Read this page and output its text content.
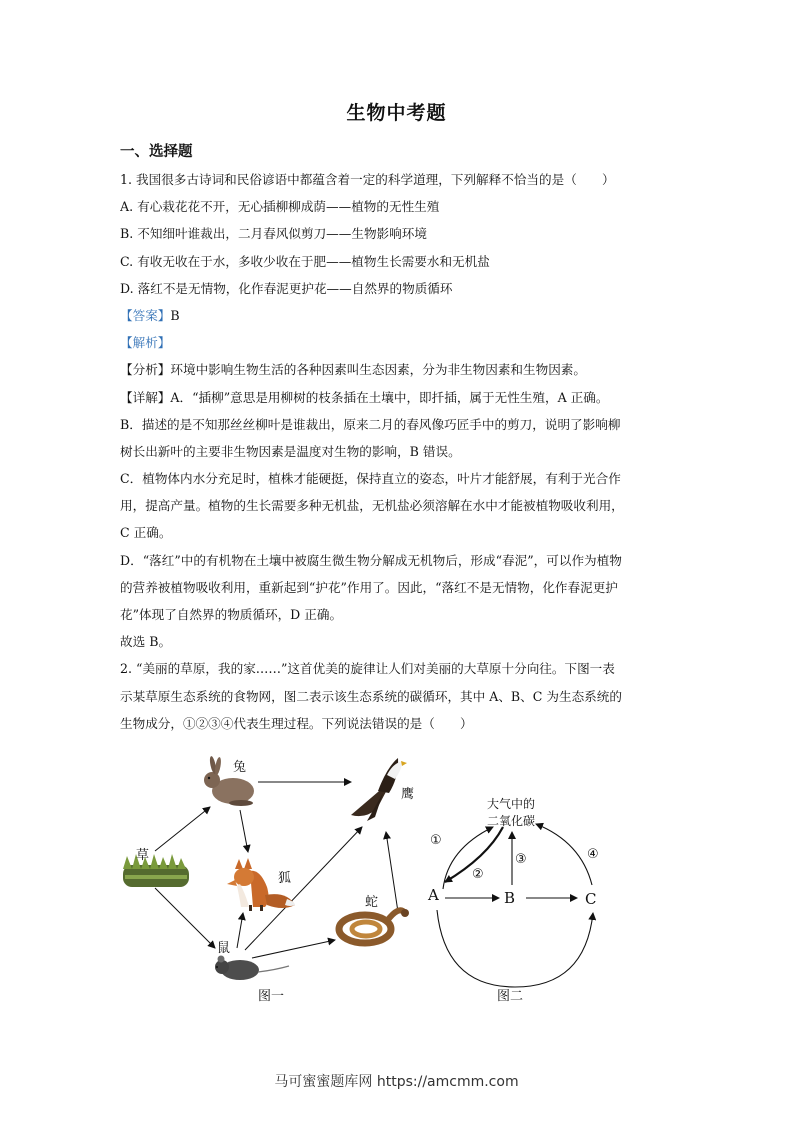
生物中考题
一、选择题
1. 我国很多古诗词和民俗谚语中都蕴含着一定的科学道理，下列解释不恰当的是（　　）
A. 有心栽花花不开，无心插柳柳成荫——植物的无性生殖
B. 不知细叶谁裁出，二月春风似剪刀——生物影响环境
C. 有收无收在于水，多收少收在于肥——植物生长需要水和无机盐
D. 落红不是无情物，化作春泥更护花——自然界的物质循环
【答案】B
【解析】
【分析】环境中影响生物生活的各种因素叫生态因素，分为非生物因素和生物因素。
【详解】A．“插柳”意思是用柳树的枝条插在土壤中，即扦插，属于无性生殖，A 正确。
B．描述的是不知那丝丝柳叶是谁裁出，原来二月的春风像巧匠手中的剪刀，说明了影响柳
树长出新叶的主要非生物因素是温度对生物的影响，B 错误。
C．植物体内水分充足时，植株才能硬挺，保持直立的姿态，叶片才能舒展，有利于光合作
用，提高产量。植物的生长需要多种无机盐，无机盐必须溶解在水中才能被植物吸收利用，
C 正确。
D．“落红”中的有机物在土壤中被腐生微生物分解成无机物后，形成“春泥”，可以作为植物
的营养被植物吸收利用，重新起到“护花”作用了。因此，“落红不是无情物，化作春泥更护
花”体现了自然界的物质循环，D 正确。
故选 B。
2. “美丽的草原，我的家……”这首优美的旋律让人们对美丽的大草原十分向往。下图一表
示某草原生态系统的食物网，图二表示该生态系统的碳循环，其中 A、B、C 为生态系统的
生物成分，①②③④代表生理过程。下列说法错误的是（　　）
兔
鹰
草
狐
蛇
鼠
图一
大气中的
二氧化碳
①
②
③	④
A	B	C
图二
马可蜜蜜题库网 https://amcmm.com
